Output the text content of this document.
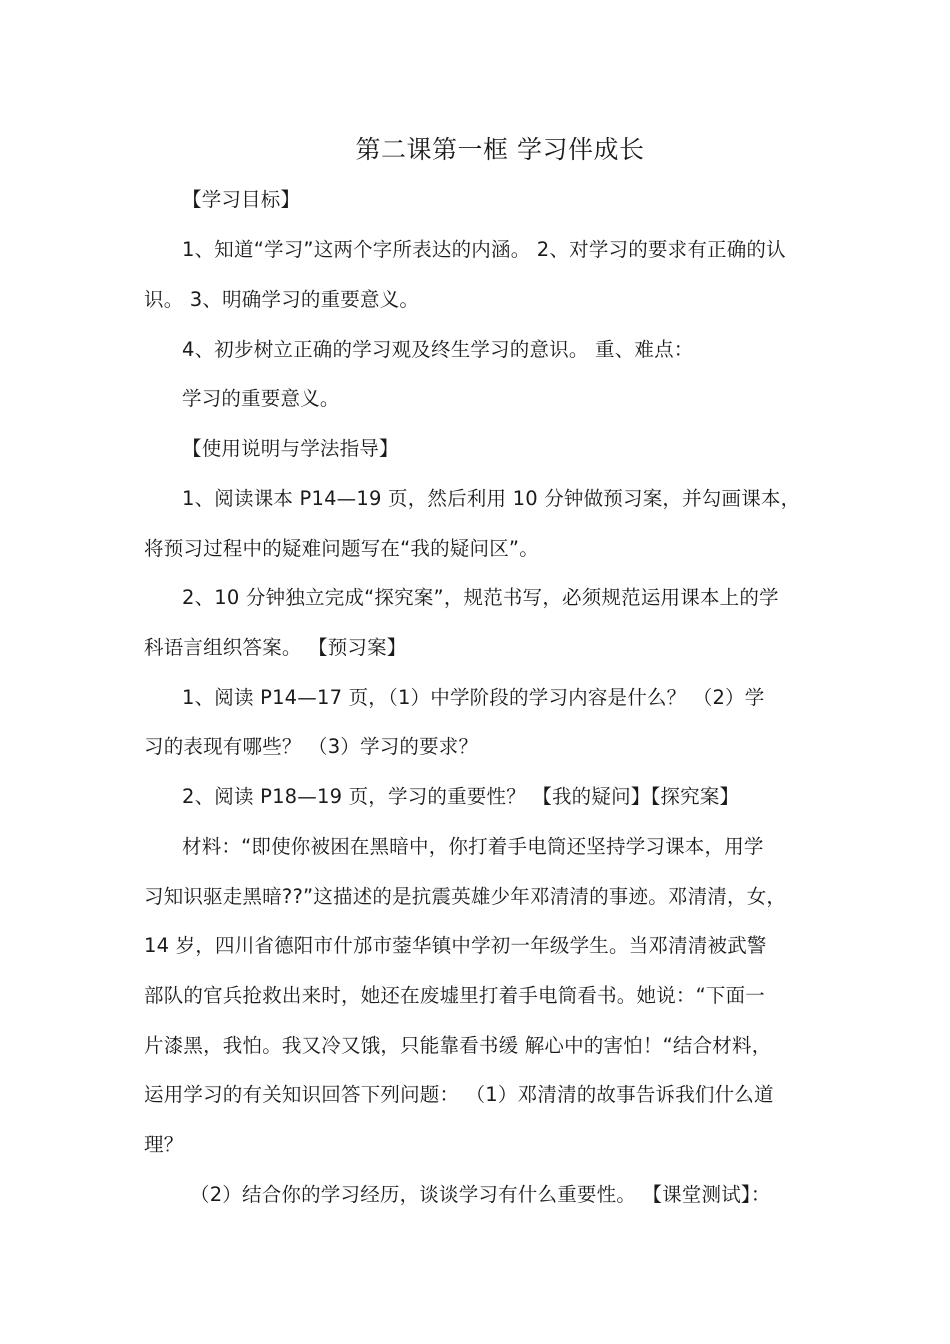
第二课第一框 学习伴成长
【学习目标】
1、知道“学习”这两个字所表达的内涵。 2、对学习的要求有正确的认
识。 3、明确学习的重要意义。
4、初步树立正确的学习观及终生学习的意识。 重、难点：
学习的重要意义。
【使用说明与学法指导】
1、阅读课本 P14—19 页，然后利用 10 分钟做预习案，并勾画课本，
将预习过程中的疑难问题写在“我的疑问区”。
2、10 分钟独立完成“探究案”，规范书写，必须规范运用课本上的学
科语言组织答案。 【预习案】
1、阅读 P14—17 页，（1）中学阶段的学习内容是什么？ （2）学
习的表现有哪些？ （3）学习的要求？
2、阅读 P18—19 页，学习的重要性？ 【我的疑问】【探究案】
材料：“即使你被困在黑暗中，你打着手电筒还坚持学习课本，用学
习知识驱走黑暗??”这描述的是抗震英雄少年邓清清的事迹。邓清清，女，
14 岁，四川省德阳市什邡市蓥华镇中学初一年级学生。当邓清清被武警
部队的官兵抢救出来时，她还在废墟里打着手电筒看书。她说：“下面一
片漆黑，我怕。我又冷又饿，只能靠看书缓 解心中的害怕！“结合材料，
运用学习的有关知识回答下列问题： （1）邓清清的故事告诉我们什么道
理？
（2）结合你的学习经历，谈谈学习有什么重要性。 【课堂测试】：
